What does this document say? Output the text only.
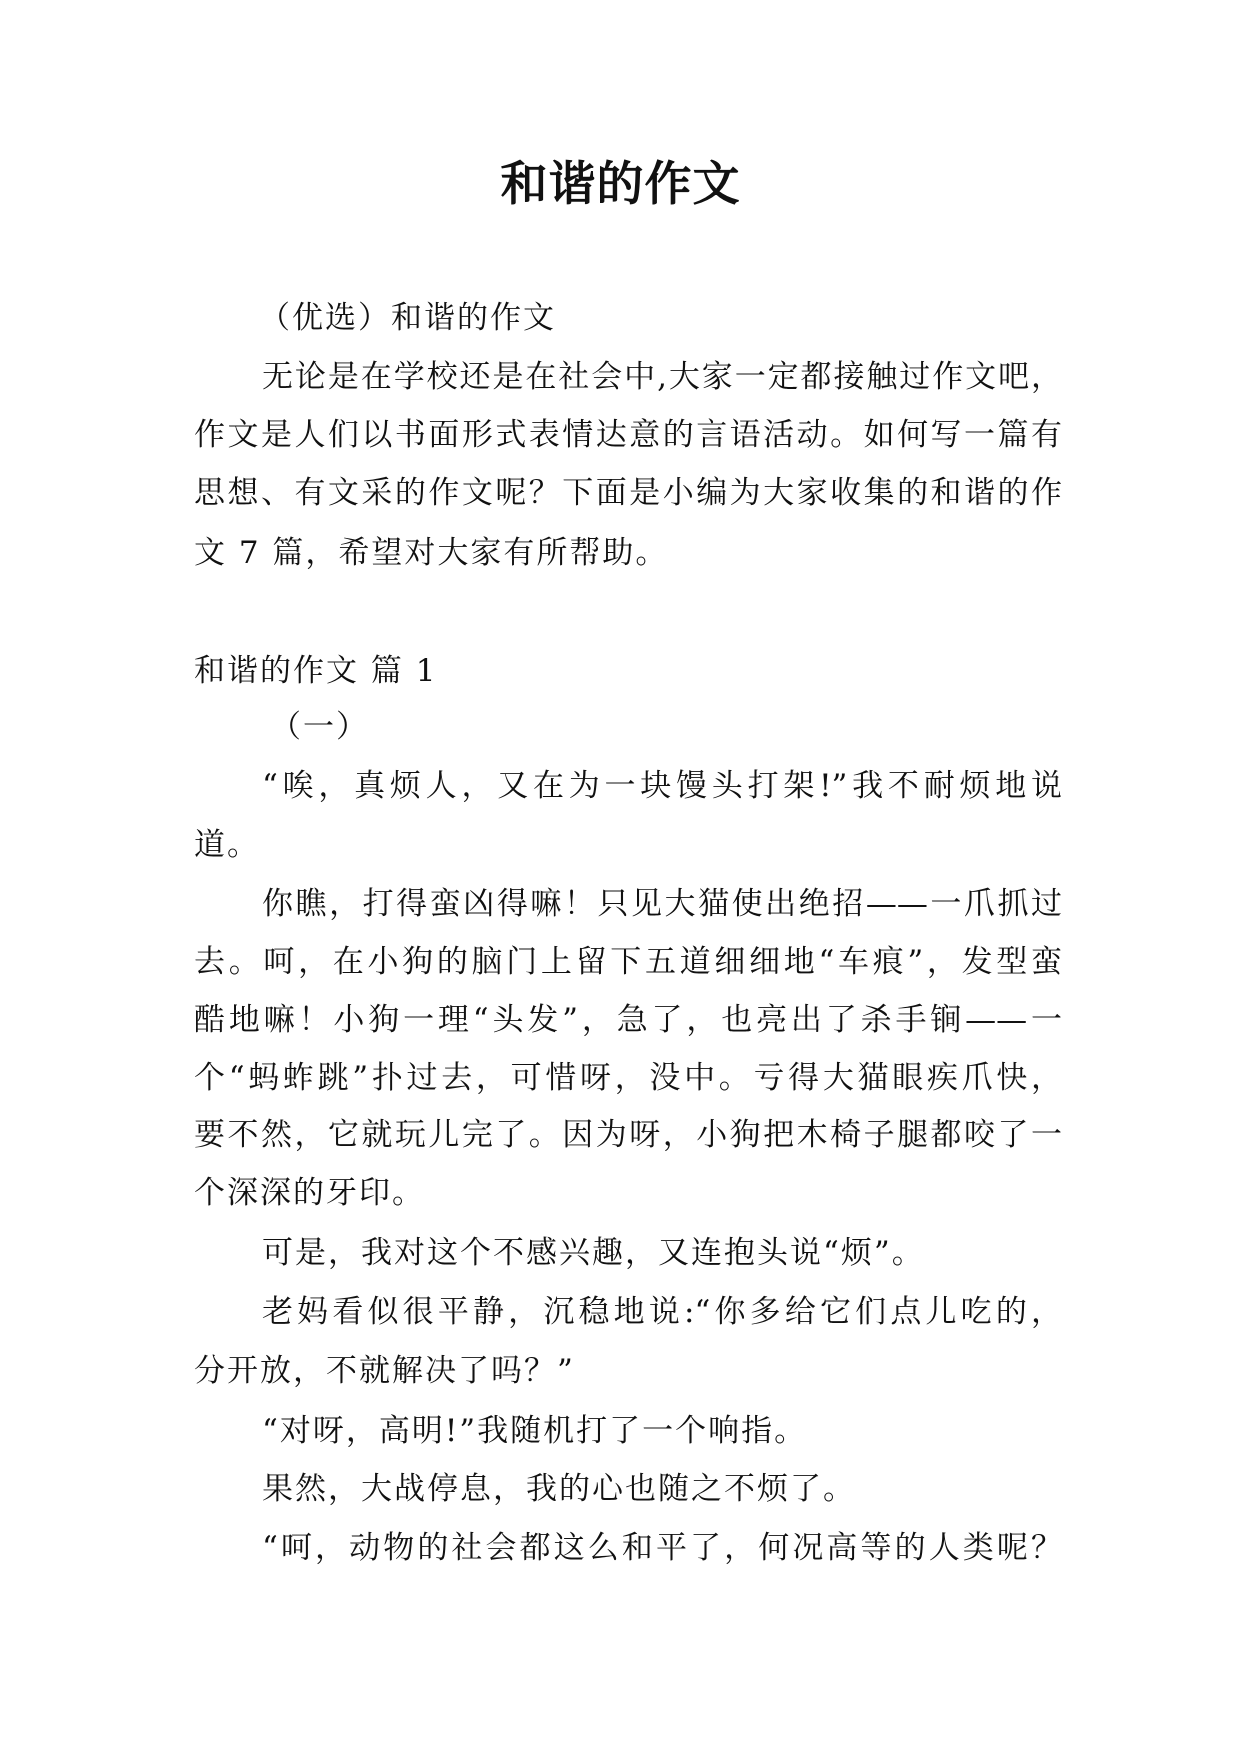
和谐的作文

（优选）和谐的作文

无论是在学校还是在社会中,大家一定都接触过作文吧，

作文是人们以书面形式表情达意的言语活动。如何写一篇有

思想、有文采的作文呢？下面是小编为大家收集的和谐的作

文 7 篇，希望对大家有所帮助。

和谐的作文 篇 1

（一）

“唉，真烦人，又在为一块馒头打架!”我不耐烦地说

道。

你瞧，打得蛮凶得嘛！只见大猫使出绝招——一爪抓过

去。呵，在小狗的脑门上留下五道细细地“车痕”，发型蛮

酷地嘛！小狗一理“头发”，急了，也亮出了杀手锏——一

个“蚂蚱跳”扑过去，可惜呀，没中。亏得大猫眼疾爪快，

要不然，它就玩儿完了。因为呀，小狗把木椅子腿都咬了一

个深深的牙印。

可是，我对这个不感兴趣，又连抱头说“烦”。

老妈看似很平静，沉稳地说:“你多给它们点儿吃的，

分开放，不就解决了吗？”

“对呀，高明!”我随机打了一个响指。

果然，大战停息，我的心也随之不烦了。

“呵，动物的社会都这么和平了，何况高等的人类呢？
